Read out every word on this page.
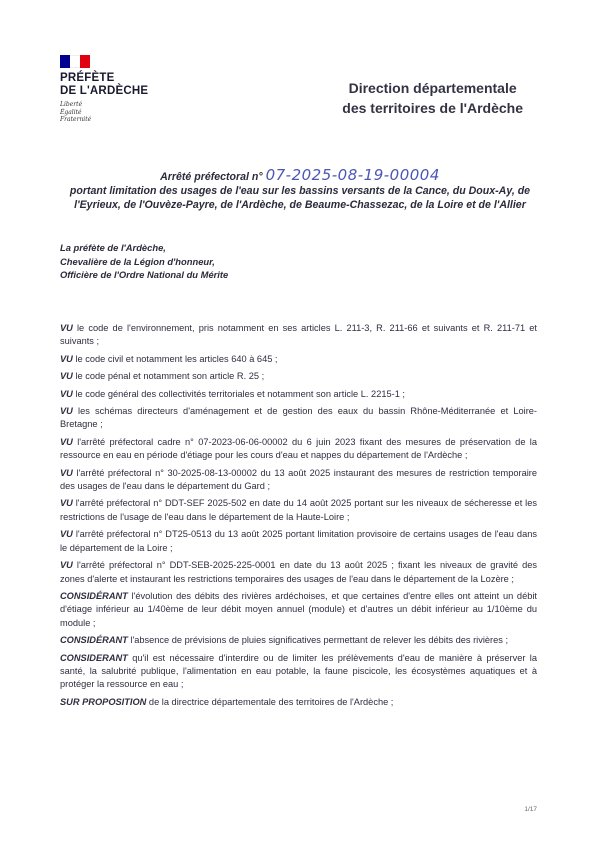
PRÉFÈTE
DE L'ARDÈCHE
Liberté
Égalité
Fraternité
Direction départementale
des territoires de l'Ardèche
Arrêté préfectoral n° 07-2025-08-19-00004
portant limitation des usages de l'eau sur les bassins versants de la Cance, du Doux-Ay, de l'Eyrieux, de l'Ouvèze-Payre, de l'Ardèche, de Beaume-Chassezac, de la Loire et de l'Allier
La préfète de l'Ardèche,
Chevalière de la Légion d'honneur,
Officière de l'Ordre National du Mérite

VU le code de l'environnement, pris notamment en ses articles L. 211-3, R. 211-66 et suivants et R. 211-71 et suivants ;

VU le code civil et notamment les articles 640 à 645 ;

VU le code pénal et notamment son article R. 25 ;

VU le code général des collectivités territoriales et notamment son article L. 2215-1 ;

VU les schémas directeurs d'aménagement et de gestion des eaux du bassin Rhône-Méditerranée et Loire-Bretagne ;

VU l'arrêté préfectoral cadre n° 07-2023-06-06-00002 du 6 juin 2023 fixant des mesures de préservation de la ressource en eau en période d'étiage pour les cours d'eau et nappes du département de l'Ardèche ;

VU l'arrêté préfectoral n° 30-2025-08-13-00002 du 13 août 2025 instaurant des mesures de restriction temporaire des usages de l'eau dans le département du Gard ;

VU l'arrêté préfectoral n° DDT-SEF 2025-502 en date du 14 août 2025 portant sur les niveaux de sécheresse et les restrictions de l'usage de l'eau dans le département de la Haute-Loire ;

VU l'arrêté préfectoral n° DT25-0513 du 13 août 2025 portant limitation provisoire de certains usages de l'eau dans le département de la Loire ;

VU l'arrêté préfectoral n° DDT-SEB-2025-225-0001 en date du 13 août 2025 ; fixant les niveaux de gravité des zones d'alerte et instaurant les restrictions temporaires des usages de l'eau dans le département de la Lozère ;

CONSIDÉRANT l'évolution des débits des rivières ardéchoises, et que certaines d'entre elles ont atteint un débit d'étiage inférieur au 1/40ème de leur débit moyen annuel (module) et d'autres un débit inférieur au 1/10ème du module ;

CONSIDÉRANT l'absence de prévisions de pluies significatives permettant de relever les débits des rivières ;

CONSIDERANT qu'il est nécessaire d'interdire ou de limiter les prélèvements d'eau de manière à préserver la santé, la salubrité publique, l'alimentation en eau potable, la faune piscicole, les écosystèmes aquatiques et à protéger la ressource en eau ;

SUR PROPOSITION de la directrice départementale des territoires de l'Ardèche ;

1/17
